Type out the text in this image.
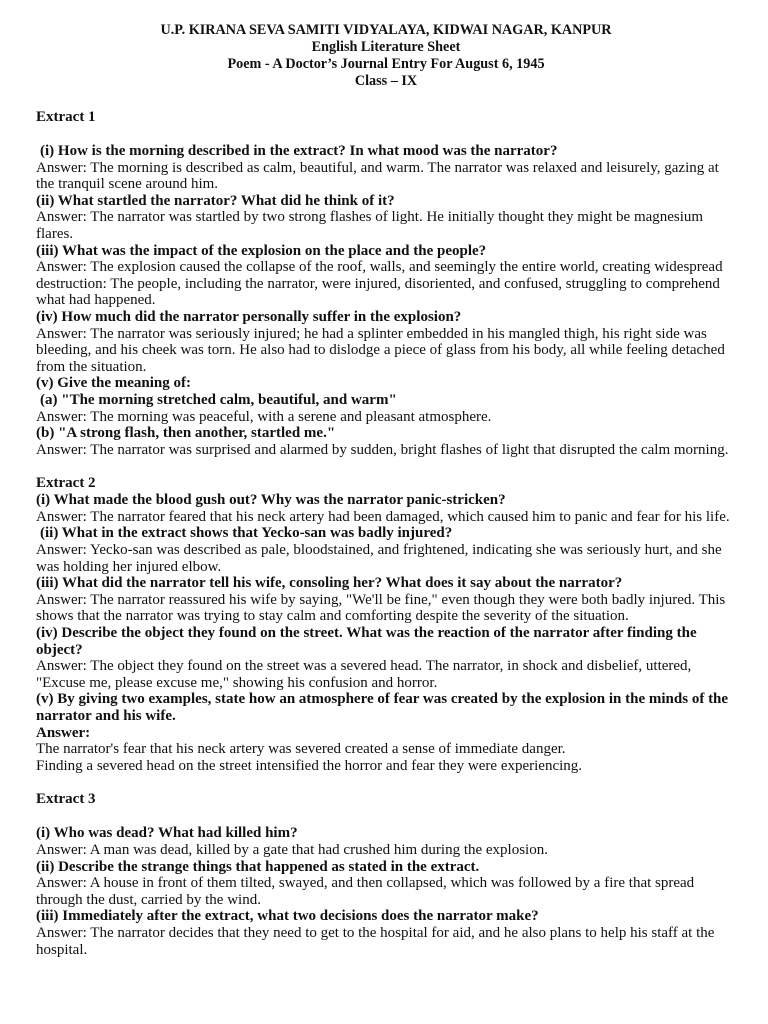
U.P. KIRANA SEVA SAMITI VIDYALAYA, KIDWAI NAGAR, KANPUR
English Literature Sheet
Poem - A Doctor’s Journal Entry For August 6, 1945
Class – IX

Extract 1

(i) How is the morning described in the extract? In what mood was the narrator?

Answer: The morning is described as calm, beautiful, and warm. The narrator was relaxed and leisurely, gazing at the tranquil scene around him.

(ii) What startled the narrator? What did he think of it?

Answer: The narrator was startled by two strong flashes of light. He initially thought they might be magnesium flares.

(iii) What was the impact of the explosion on the place and the people?

Answer: The explosion caused the collapse of the roof, walls, and seemingly the entire world, creating widespread destruction: The people, including the narrator, were injured, disoriented, and confused, struggling to comprehend what had happened.

(iv) How much did the narrator personally suffer in the explosion?

Answer: The narrator was seriously injured; he had a splinter embedded in his mangled thigh, his right side was bleeding, and his cheek was torn. He also had to dislodge a piece of glass from his body, all while feeling detached from the situation.

(v) Give the meaning of:

(a) "The morning stretched calm, beautiful, and warm"

Answer: The morning was peaceful, with a serene and pleasant atmosphere.

(b) "A strong flash, then another, startled me."

Answer: The narrator was surprised and alarmed by sudden, bright flashes of light that disrupted the calm morning.

Extract 2

(i) What made the blood gush out? Why was the narrator panic-stricken?

Answer: The narrator feared that his neck artery had been damaged, which caused him to panic and fear for his life.

(ii) What in the extract shows that Yecko-san was badly injured?

Answer: Yecko-san was described as pale, bloodstained, and frightened, indicating she was seriously hurt, and she was holding her injured elbow.

(iii) What did the narrator tell his wife, consoling her? What does it say about the narrator?

Answer: The narrator reassured his wife by saying, "We'll be fine," even though they were both badly injured. This shows that the narrator was trying to stay calm and comforting despite the severity of the situation.

(iv) Describe the object they found on the street. What was the reaction of the narrator after finding the object?

Answer: The object they found on the street was a severed head. The narrator, in shock and disbelief, uttered, "Excuse me, please excuse me," showing his confusion and horror.

(v) By giving two examples, state how an atmosphere of fear was created by the explosion in the minds of the narrator and his wife.

Answer:

The narrator's fear that his neck artery was severed created a sense of immediate danger.

Finding a severed head on the street intensified the horror and fear they were experiencing.

Extract 3

(i) Who was dead? What had killed him?

Answer: A man was dead, killed by a gate that had crushed him during the explosion.

(ii) Describe the strange things that happened as stated in the extract.

Answer: A house in front of them tilted, swayed, and then collapsed, which was followed by a fire that spread through the dust, carried by the wind.

(iii) Immediately after the extract, what two decisions does the narrator make?

Answer: The narrator decides that they need to get to the hospital for aid, and he also plans to help his staff at the hospital.
